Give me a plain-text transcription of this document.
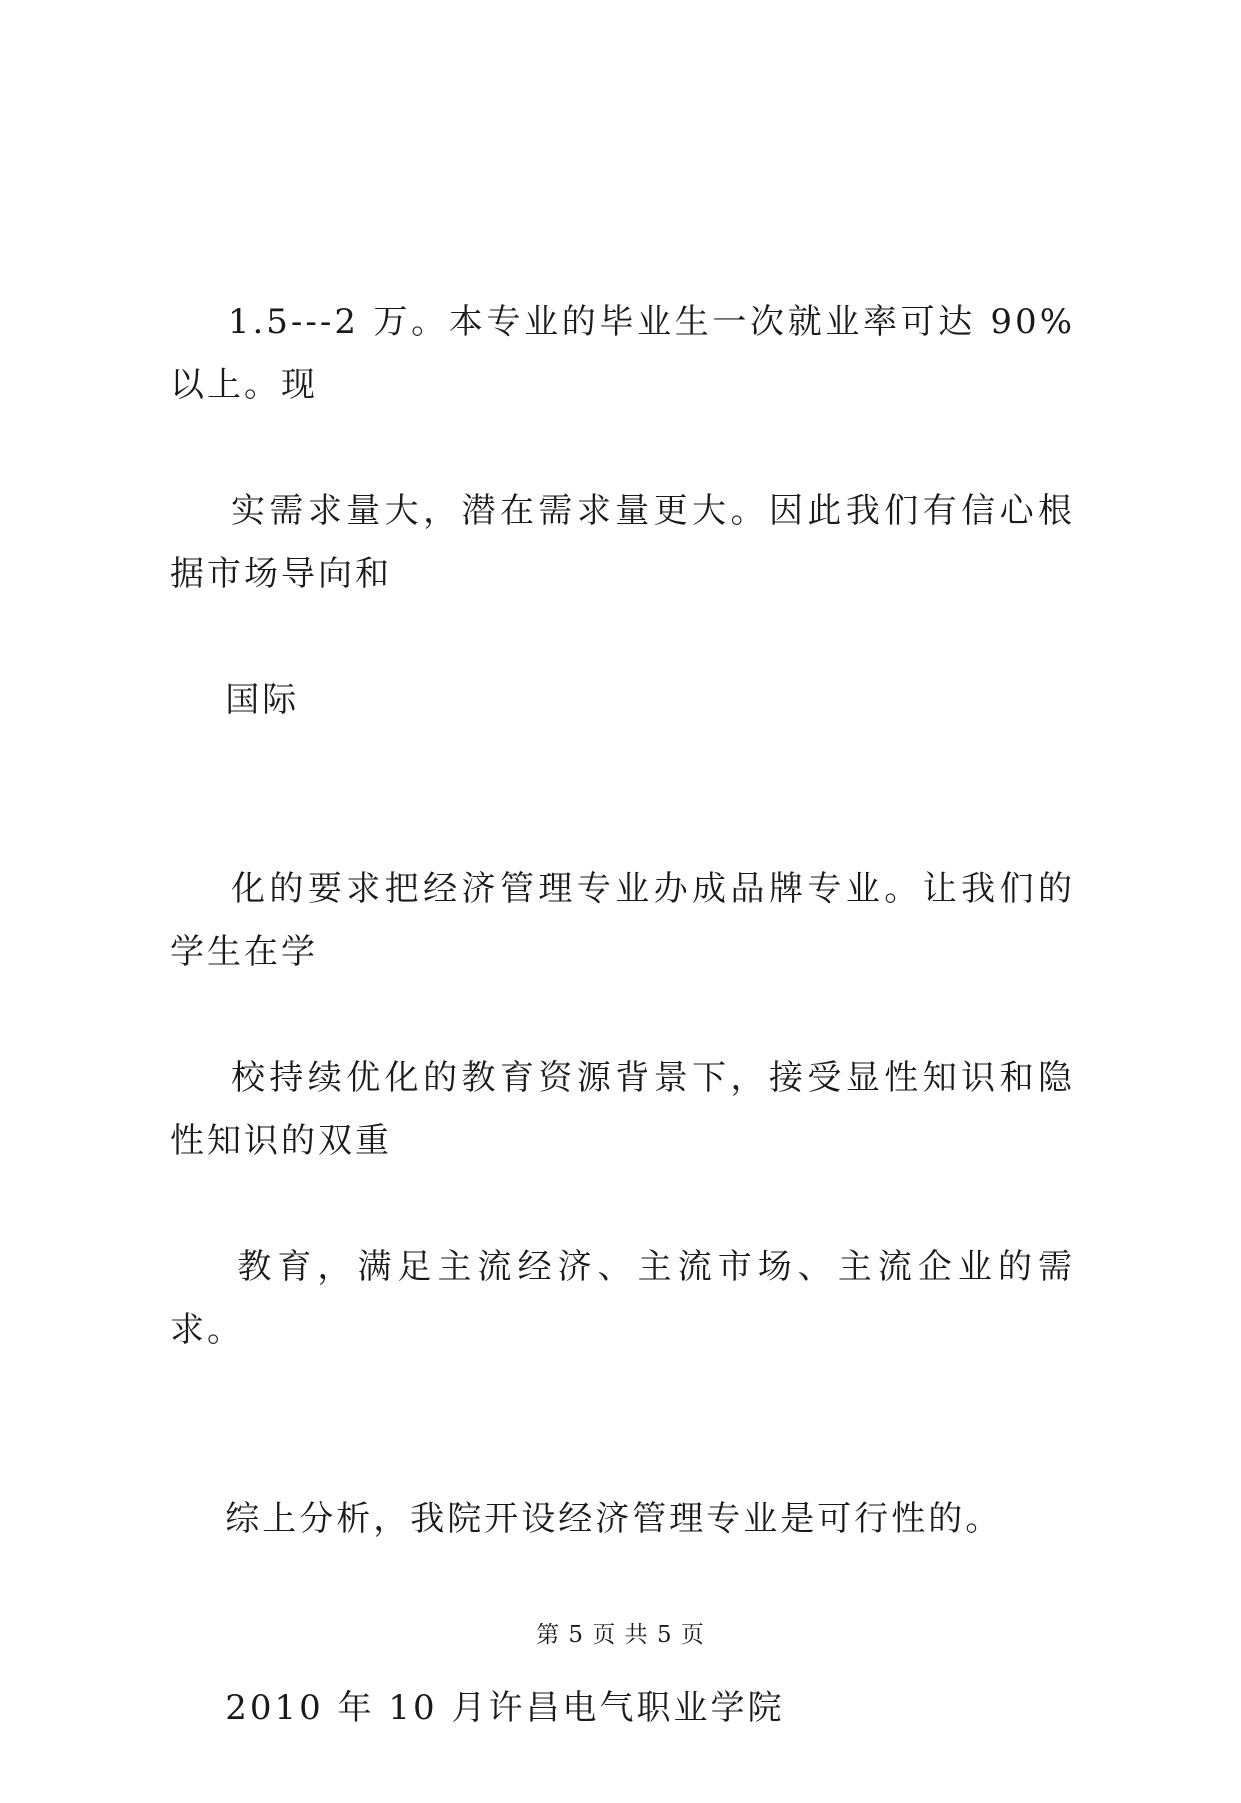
1.5---2 万。本专业的毕业生一次就业率可达 90%以上。现

实需求量大，潜在需求量更大。因此我们有信心根据市场导向和

国际

化的要求把经济管理专业办成品牌专业。让我们的学生在学

校持续优化的教育资源背景下，接受显性知识和隐性知识的双重

教育，满足主流经济、主流市场、主流企业的需求。

综上分析，我院开设经济管理专业是可行性的。

2010 年 10 月许昌电气职业学院

第 5 页 共 5 页
